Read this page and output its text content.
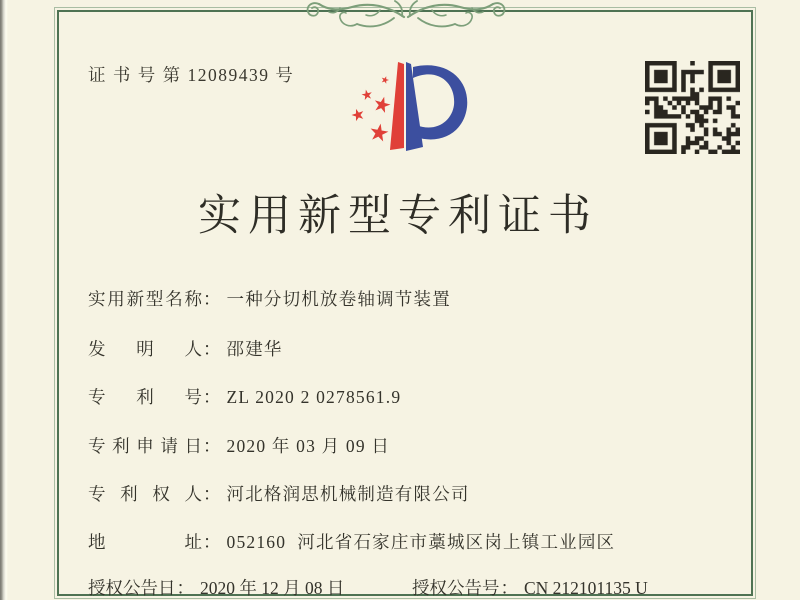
证 书 号 第 12089439 号
实用新型专利证书
实用新型名称： 一种分切机放卷轴调节装置
发明人： 邵建华
专利号： ZL 2020 2 0278561.9
专利申请日： 2020 年 03 月 09 日
专利权人： 河北格润思机械制造有限公司
地址： 052160  河北省石家庄市藁城区岗上镇工业园区
授权公告日： 2020 年 12 月 08 日	授权公告号： CN 212101135 U
